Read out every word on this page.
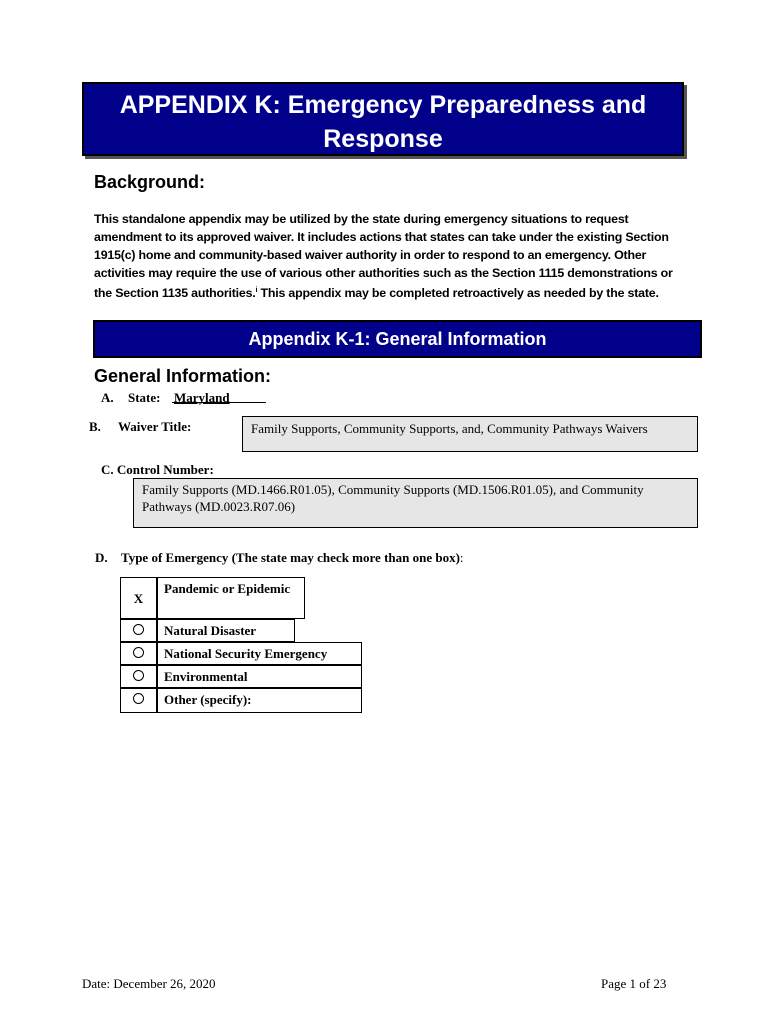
APPENDIX K: Emergency Preparedness and
Response
Background:
This standalone appendix may be utilized by the state during emergency situations to request amendment to its approved waiver. It includes actions that states can take under the existing Section 1915(c) home and community-based waiver authority in order to respond to an emergency. Other activities may require the use of various other authorities such as the Section 1115 demonstrations or the Section 1135 authorities.$^i$ This appendix may be completed retroactively as needed by the state.
Appendix K-1: General Information
General Information:
A. State: Maryland
B. Waiver Title:	Family Supports, Community Supports, and, Community Pathways Waivers
C. Control Number:
Family Supports (MD.1466.R01.05), Community Supports (MD.1506.R01.05), and Community Pathways (MD.0023.R07.06)
D. Type of Emergency (The state may check more than one box):
X
Pandemic or Epidemic
Natural Disaster
National Security Emergency
Environmental
Other (specify):
Date: December 26, 2020	Page 1 of 23
